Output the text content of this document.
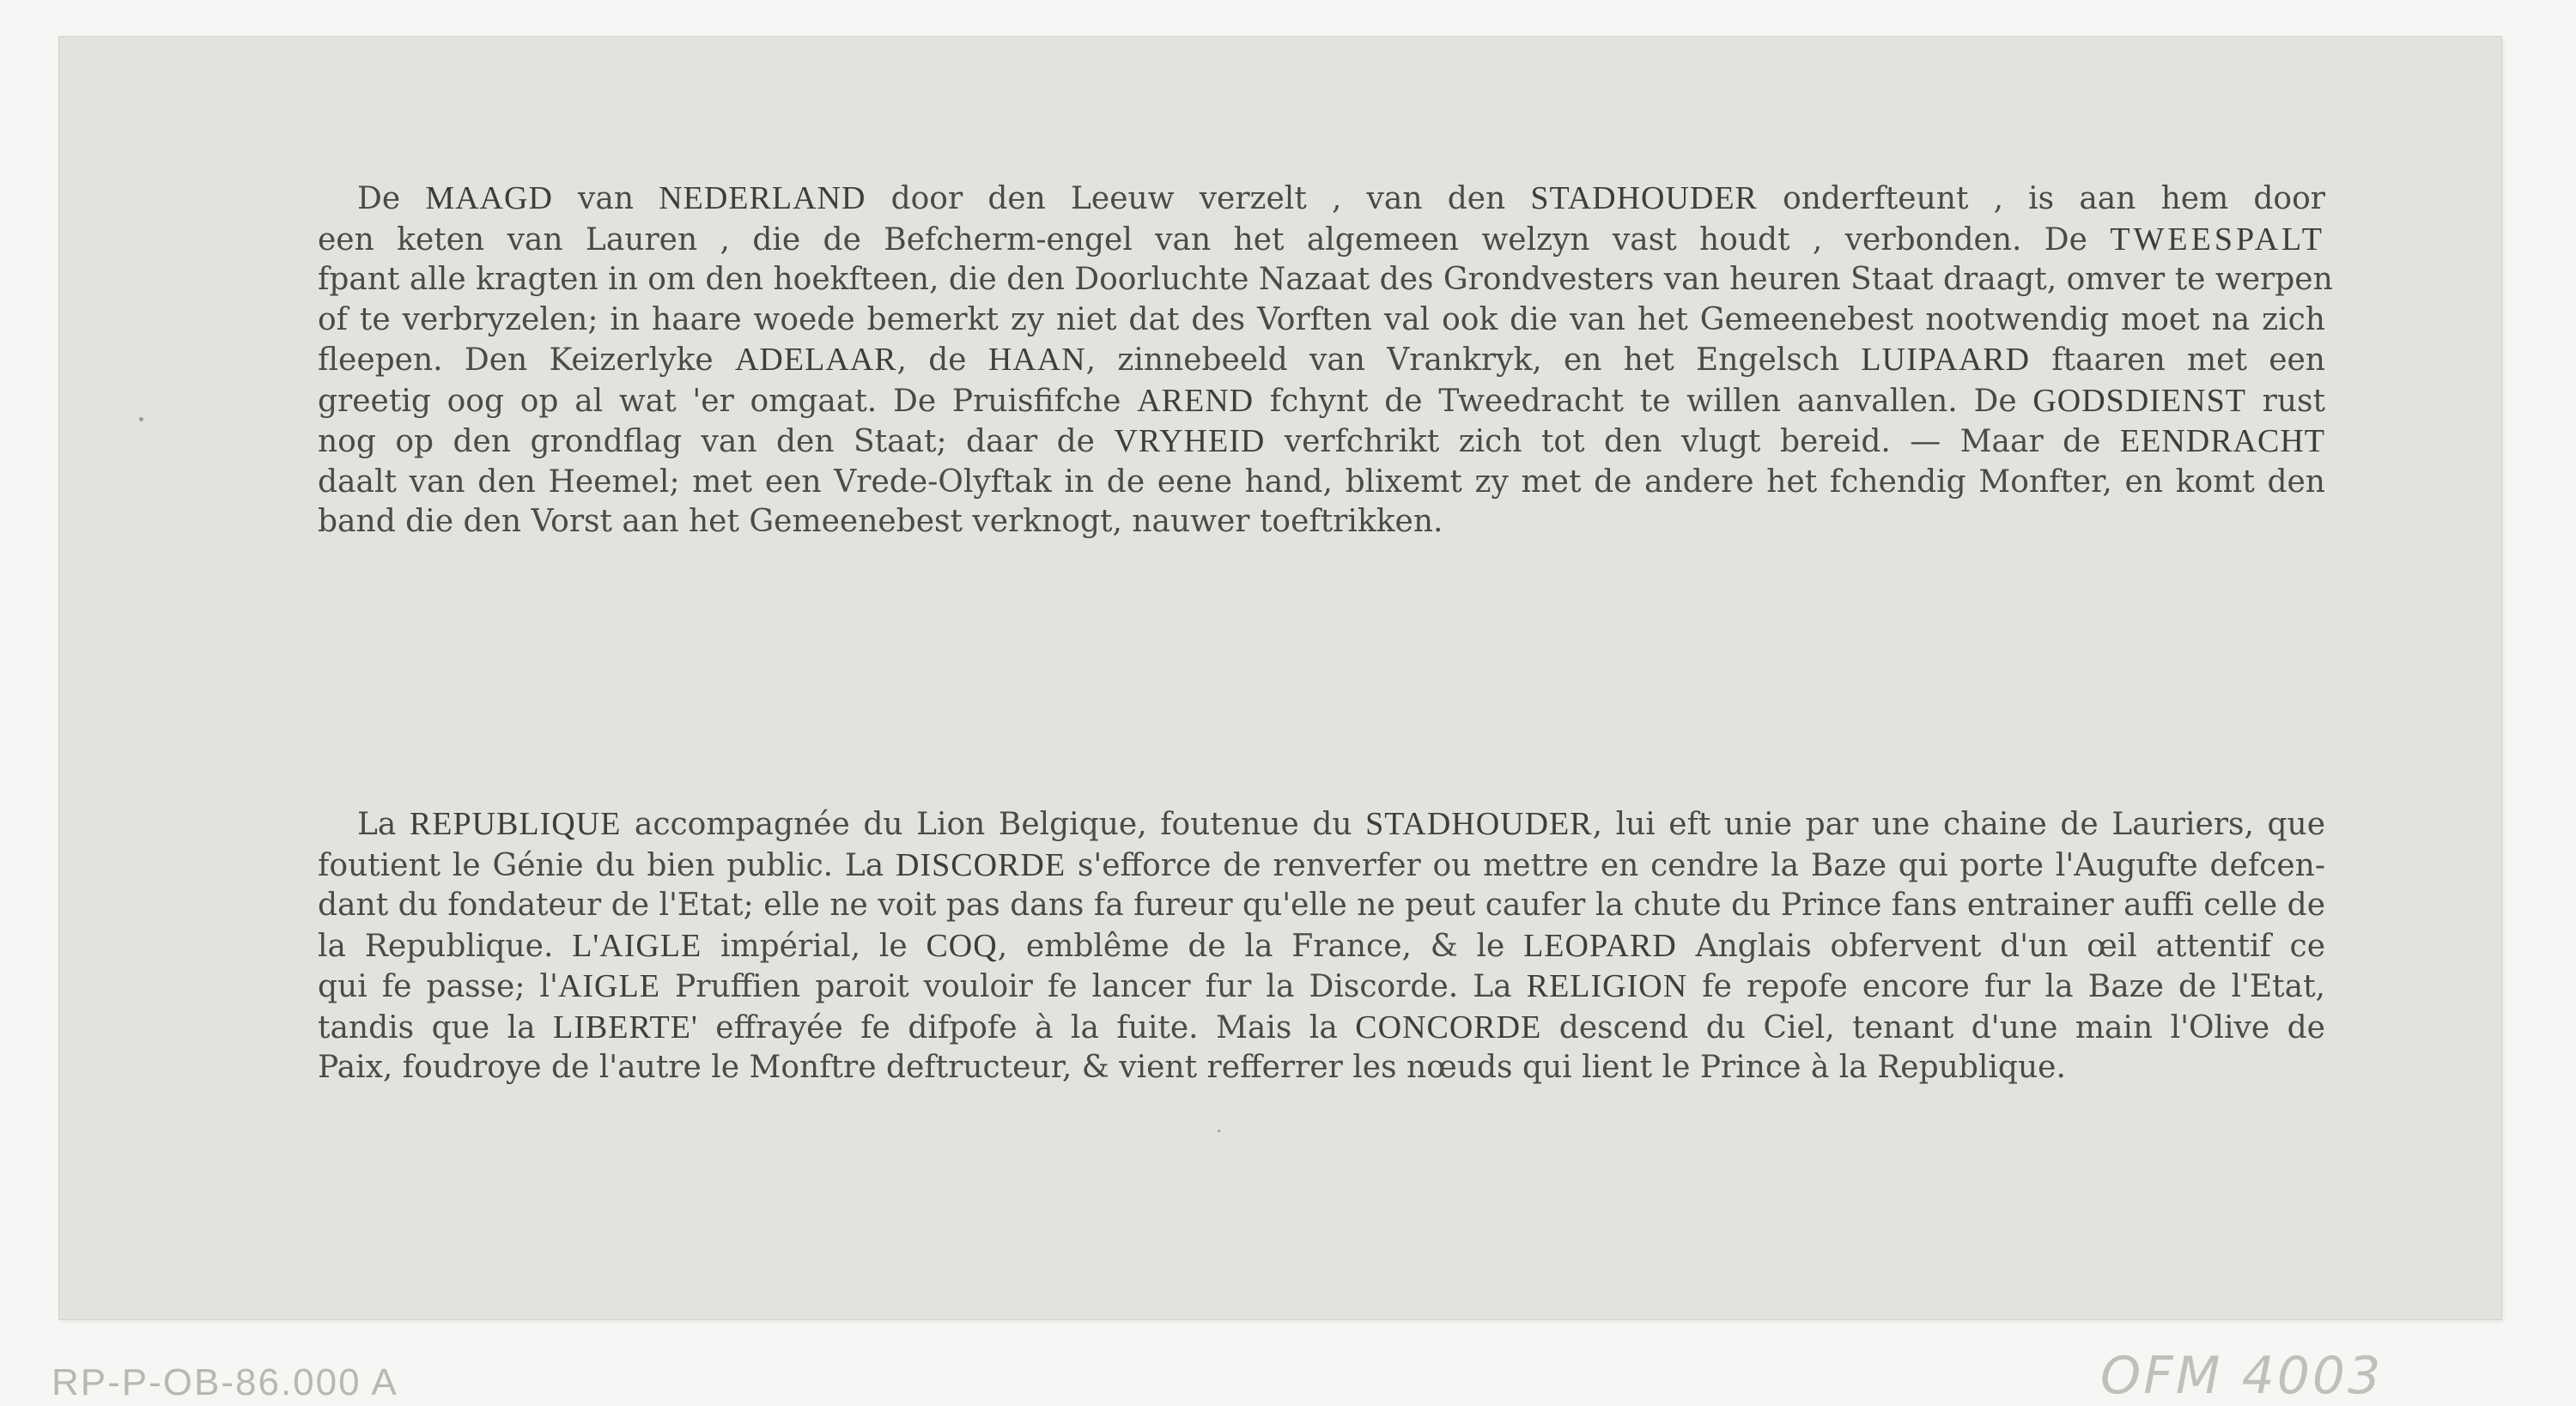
De MAAGD van NEDERLAND door den Leeuw verzelt , van den STADHOUDER onderfteunt , is aan hem door
een keten van Lauren , die de Befcherm-engel van het algemeen welzyn vast houdt , verbonden. De TWEESPALT
fpant alle kragten in om den hoekfteen, die den Doorluchte Nazaat des Grondvesters van heuren Staat draagt, omver te werpen
of te verbryzelen; in haare woede bemerkt zy niet dat des Vorften val ook die van het Gemeenebest nootwendig moet na zich
fleepen. Den Keizerlyke ADELAAR, de HAAN, zinnebeeld van Vrankryk, en het Engelsch LUIPAARD ftaaren met een
greetig oog op al wat 'er omgaat. De Pruisfifche AREND fchynt de Tweedracht te willen aanvallen. De GODSDIENST rust
nog op den grondflag van den Staat; daar de VRYHEID verfchrikt zich tot den vlugt bereid. — Maar de EENDRACHT
daalt van den Heemel; met een Vrede-Olyftak in de eene hand, blixemt zy met de andere het fchendig Monfter, en komt den
band die den Vorst aan het Gemeenebest verknogt, nauwer toeftrikken.
La REPUBLIQUE accompagnée du Lion Belgique, foutenue du STADHOUDER, lui eft unie par une chaine de Lauriers, que
foutient le Génie du bien public. La DISCORDE s'efforce de renverfer ou mettre en cendre la Baze qui porte l'Augufte defcen-
dant du fondateur de l'Etat; elle ne voit pas dans fa fureur qu'elle ne peut caufer la chute du Prince fans entrainer auffi celle de
la Republique. L'AIGLE impérial, le COQ, emblême de la France, & le LEOPARD Anglais obfervent d'un œil attentif ce
qui fe passe; l'AIGLE Pruffien paroit vouloir fe lancer fur la Discorde. La RELIGION fe repofe encore fur la Baze de l'Etat,
tandis que la LIBERTE' effrayée fe difpofe à la fuite. Mais la CONCORDE descend du Ciel, tenant d'une main l'Olive de
Paix, foudroye de l'autre le Monftre deftructeur, & vient refferrer les nœuds qui lient le Prince à la Republique.
RP-P-OB-86.000 A	OFM 4003
